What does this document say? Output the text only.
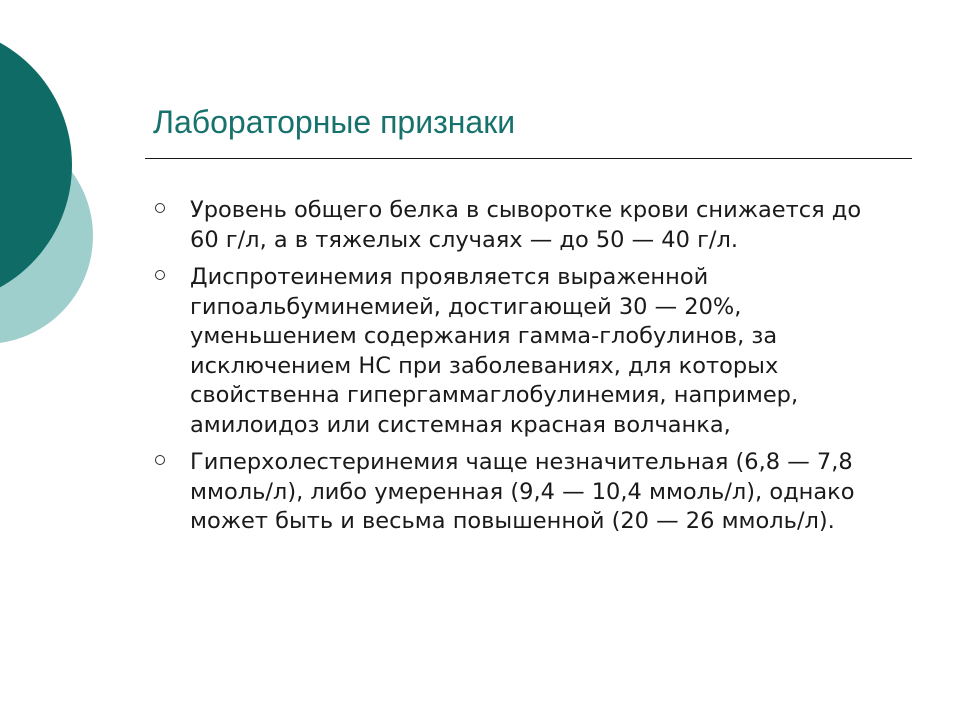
Лабораторные признаки
Уровень общего белка в сыворотке крови снижается до 60 г/л, а в тяжелых случаях — до 50 — 40 г/л.
Диспротеинемия проявляется выраженной гипоальбуминемией, достигающей 30 — 20%, уменьшением содержания гамма-глобулинов, за исключением НС при заболеваниях, для которых свойственна гипергаммаглобулинемия, например, амилоидоз или системная красная волчанка,
Гиперхолестеринемия чаще незначительная (6,8 — 7,8 ммоль/л), либо умеренная (9,4 — 10,4 ммоль/л), однако может быть и весьма повышенной (20 — 26 ммоль/л).
